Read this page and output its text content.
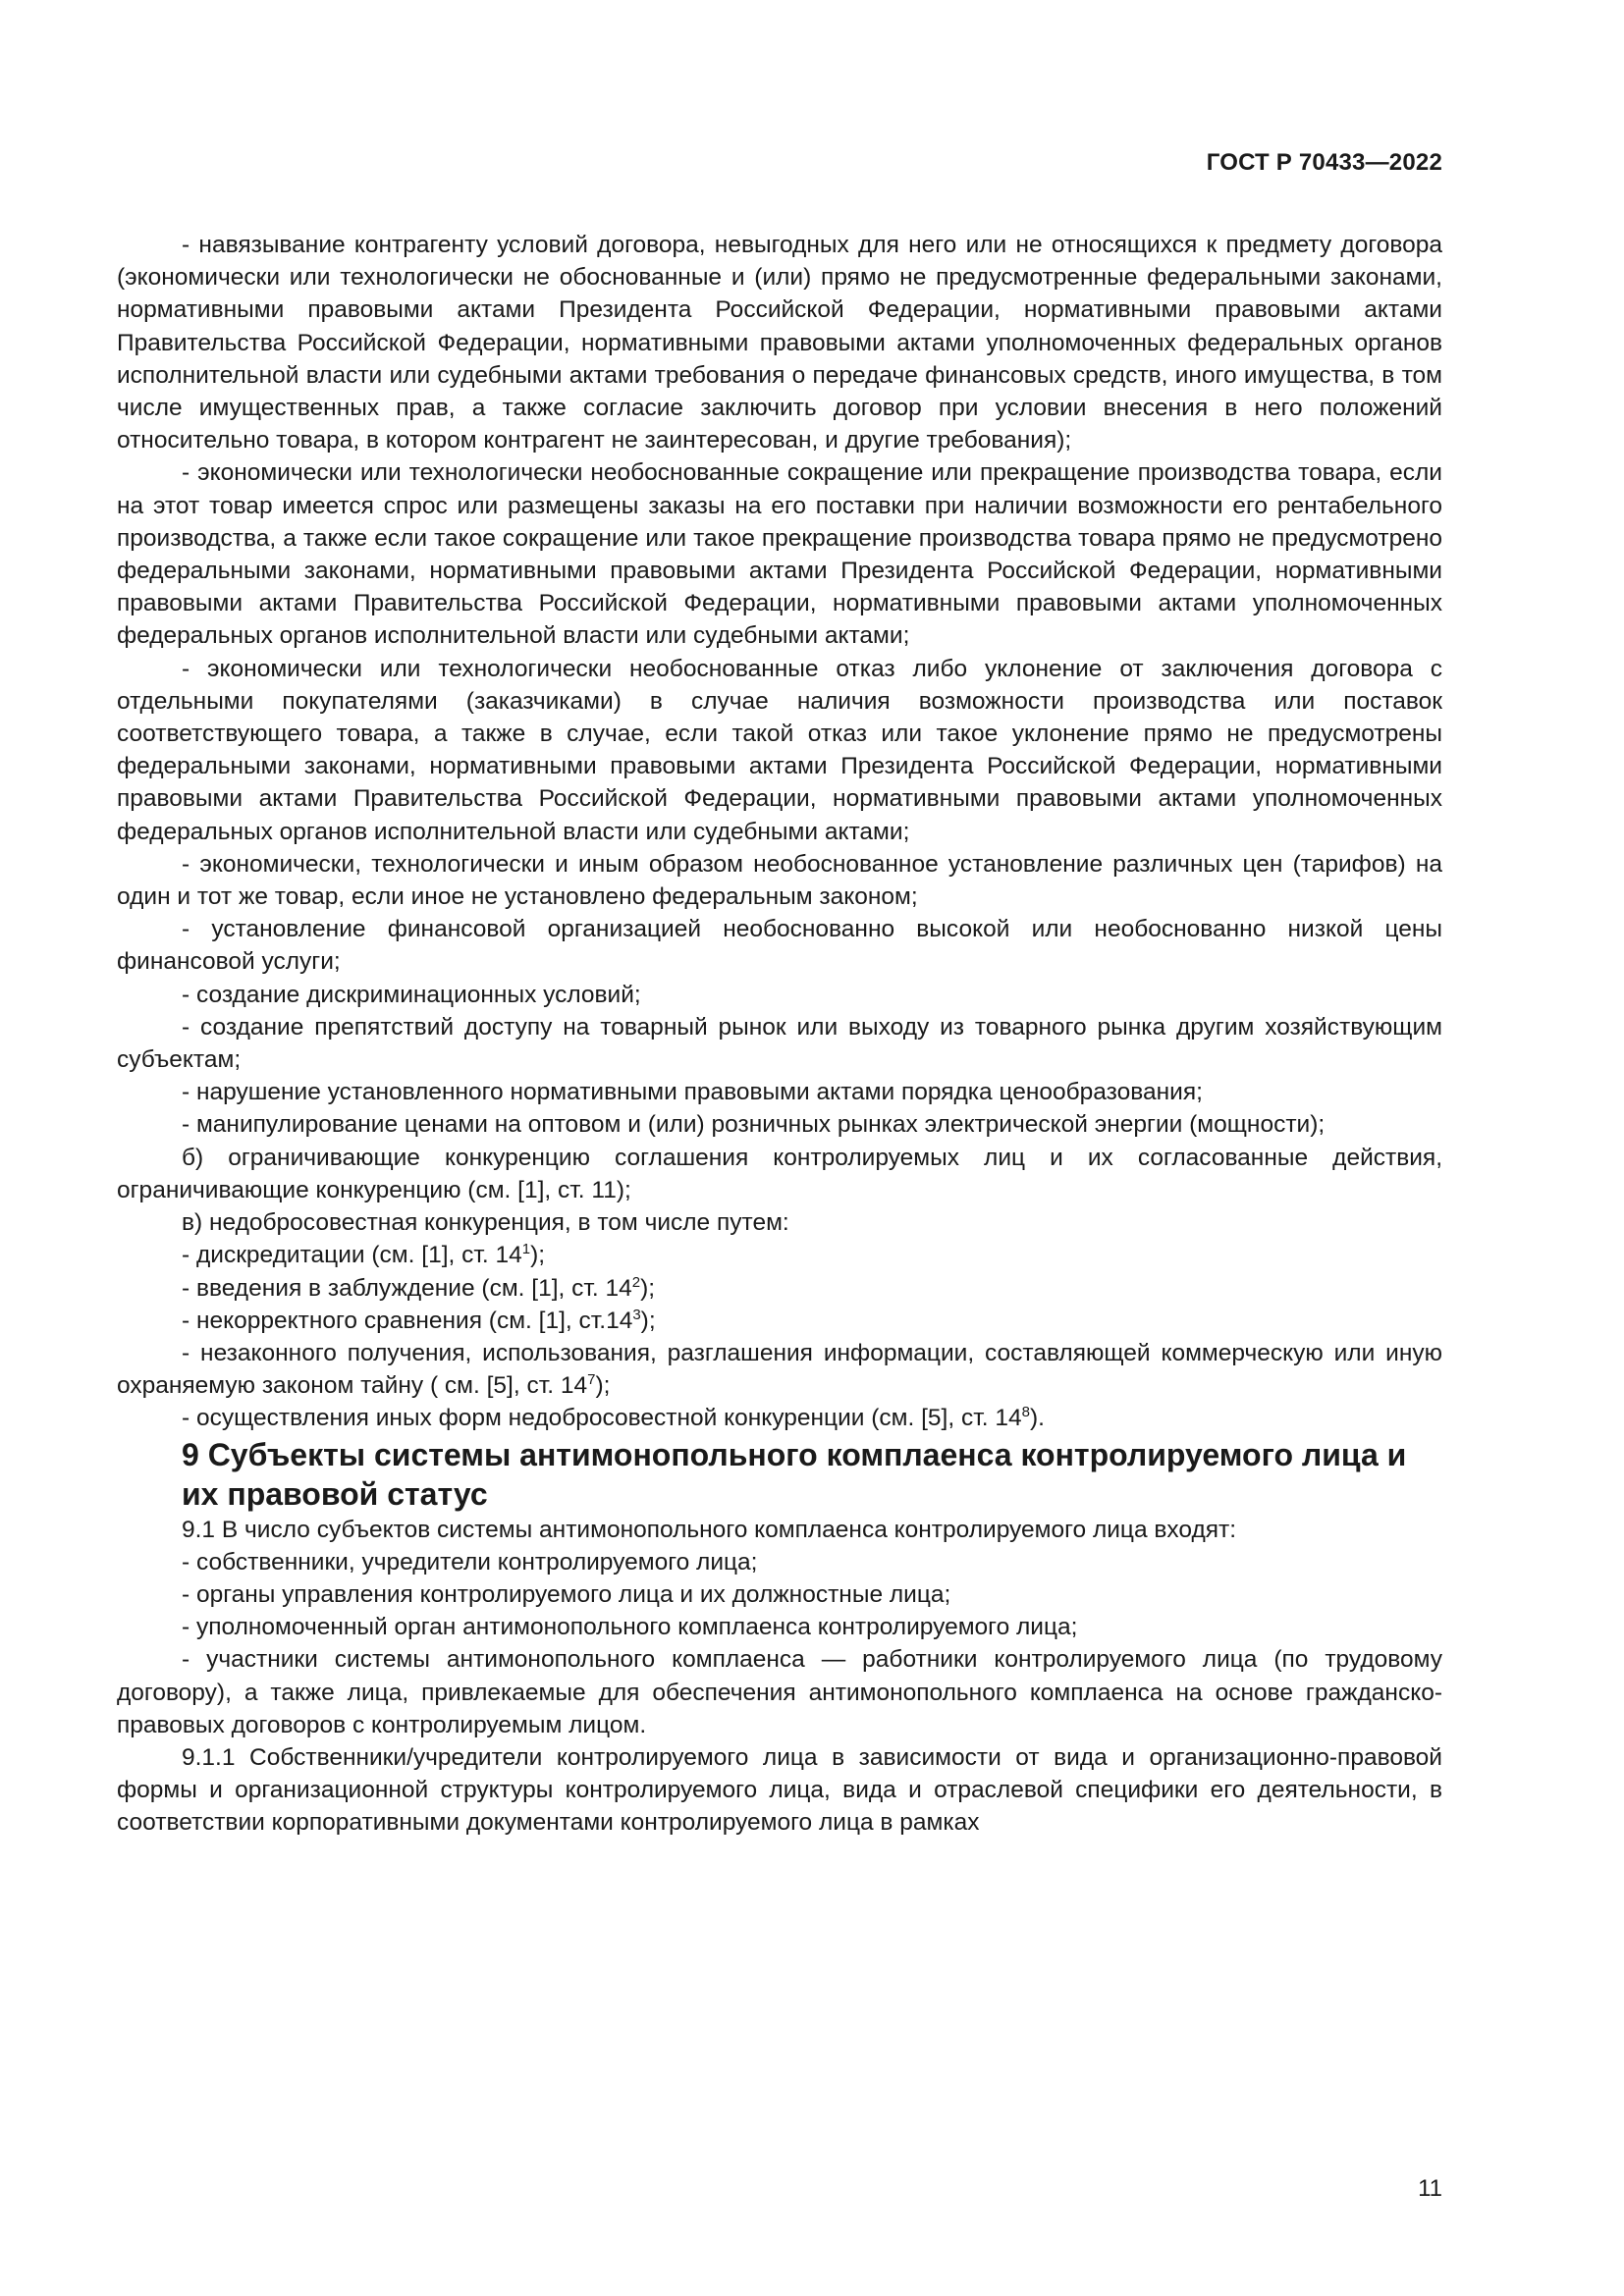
ГОСТ Р 70433—2022

- навязывание контрагенту условий договора, невыгодных для него или не относящихся к предмету договора (экономически или технологически не обоснованные и (или) прямо не предусмотренные федеральными законами, нормативными правовыми актами Президента Российской Федерации, нормативными правовыми актами Правительства Российской Федерации, нормативными правовыми актами уполномоченных федеральных органов исполнительной власти или судебными актами требования о передаче финансовых средств, иного имущества, в том числе имущественных прав, а также согласие заключить договор при условии внесения в него положений относительно товара, в котором контрагент не заинтересован, и другие требования);

- экономически или технологически необоснованные сокращение или прекращение производства товара, если на этот товар имеется спрос или размещены заказы на его поставки при наличии возможности его рентабельного производства, а также если такое сокращение или такое прекращение производства товара прямо не предусмотрено федеральными законами, нормативными правовыми актами Президента Российской Федерации, нормативными правовыми актами Правительства Российской Федерации, нормативными правовыми актами уполномоченных федеральных органов исполнительной власти или судебными актами;

- экономически или технологически необоснованные отказ либо уклонение от заключения договора с отдельными покупателями (заказчиками) в случае наличия возможности производства или поставок соответствующего товара, а также в случае, если такой отказ или такое уклонение прямо не предусмотрены федеральными законами, нормативными правовыми актами Президента Российской Федерации, нормативными правовыми актами Правительства Российской Федерации, нормативными правовыми актами уполномоченных федеральных органов исполнительной власти или судебными актами;

- экономически, технологически и иным образом необоснованное установление различных цен (тарифов) на один и тот же товар, если иное не установлено федеральным законом;

- установление финансовой организацией необоснованно высокой или необоснованно низкой цены финансовой услуги;

- создание дискриминационных условий;

- создание препятствий доступу на товарный рынок или выходу из товарного рынка другим хозяйствующим субъектам;

- нарушение установленного нормативными правовыми актами порядка ценообразования;

- манипулирование ценами на оптовом и (или) розничных рынках электрической энергии (мощности);

б) ограничивающие конкуренцию соглашения контролируемых лиц и их согласованные действия, ограничивающие конкуренцию (см. [1], ст. 11);

в) недобросовестная конкуренция, в том числе путем:

- дискредитации (см. [1], ст. $14^1$);

- введения в заблуждение (см. [1], ст. $14^2$);

- некорректного сравнения (см. [1], $ст.14^3$);

- незаконного получения, использования, разглашения информации, составляющей коммерческую или иную охраняемую законом тайну ( см. [5], ст. $14^7$);

- осуществления иных форм недобросовестной конкуренции (см. [5], ст. $14^8$).

9 Субъекты системы антимонопольного комплаенса контролируемого лица и их правовой статус

9.1 В число субъектов системы антимонопольного комплаенса контролируемого лица входят:

- собственники, учредители контролируемого лица;

- органы управления контролируемого лица и их должностные лица;

- уполномоченный орган антимонопольного комплаенса контролируемого лица;

- участники системы антимонопольного комплаенса — работники контролируемого лица (по трудовому договору), а также лица, привлекаемые для обеспечения антимонопольного комплаенса на основе гражданско-правовых договоров с контролируемым лицом.

9.1.1 Собственники/учредители контролируемого лица в зависимости от вида и организационно-правовой формы и организационной структуры контролируемого лица, вида и отраслевой специфики его деятельности, в соответствии корпоративными документами контролируемого лица в рамках

11
